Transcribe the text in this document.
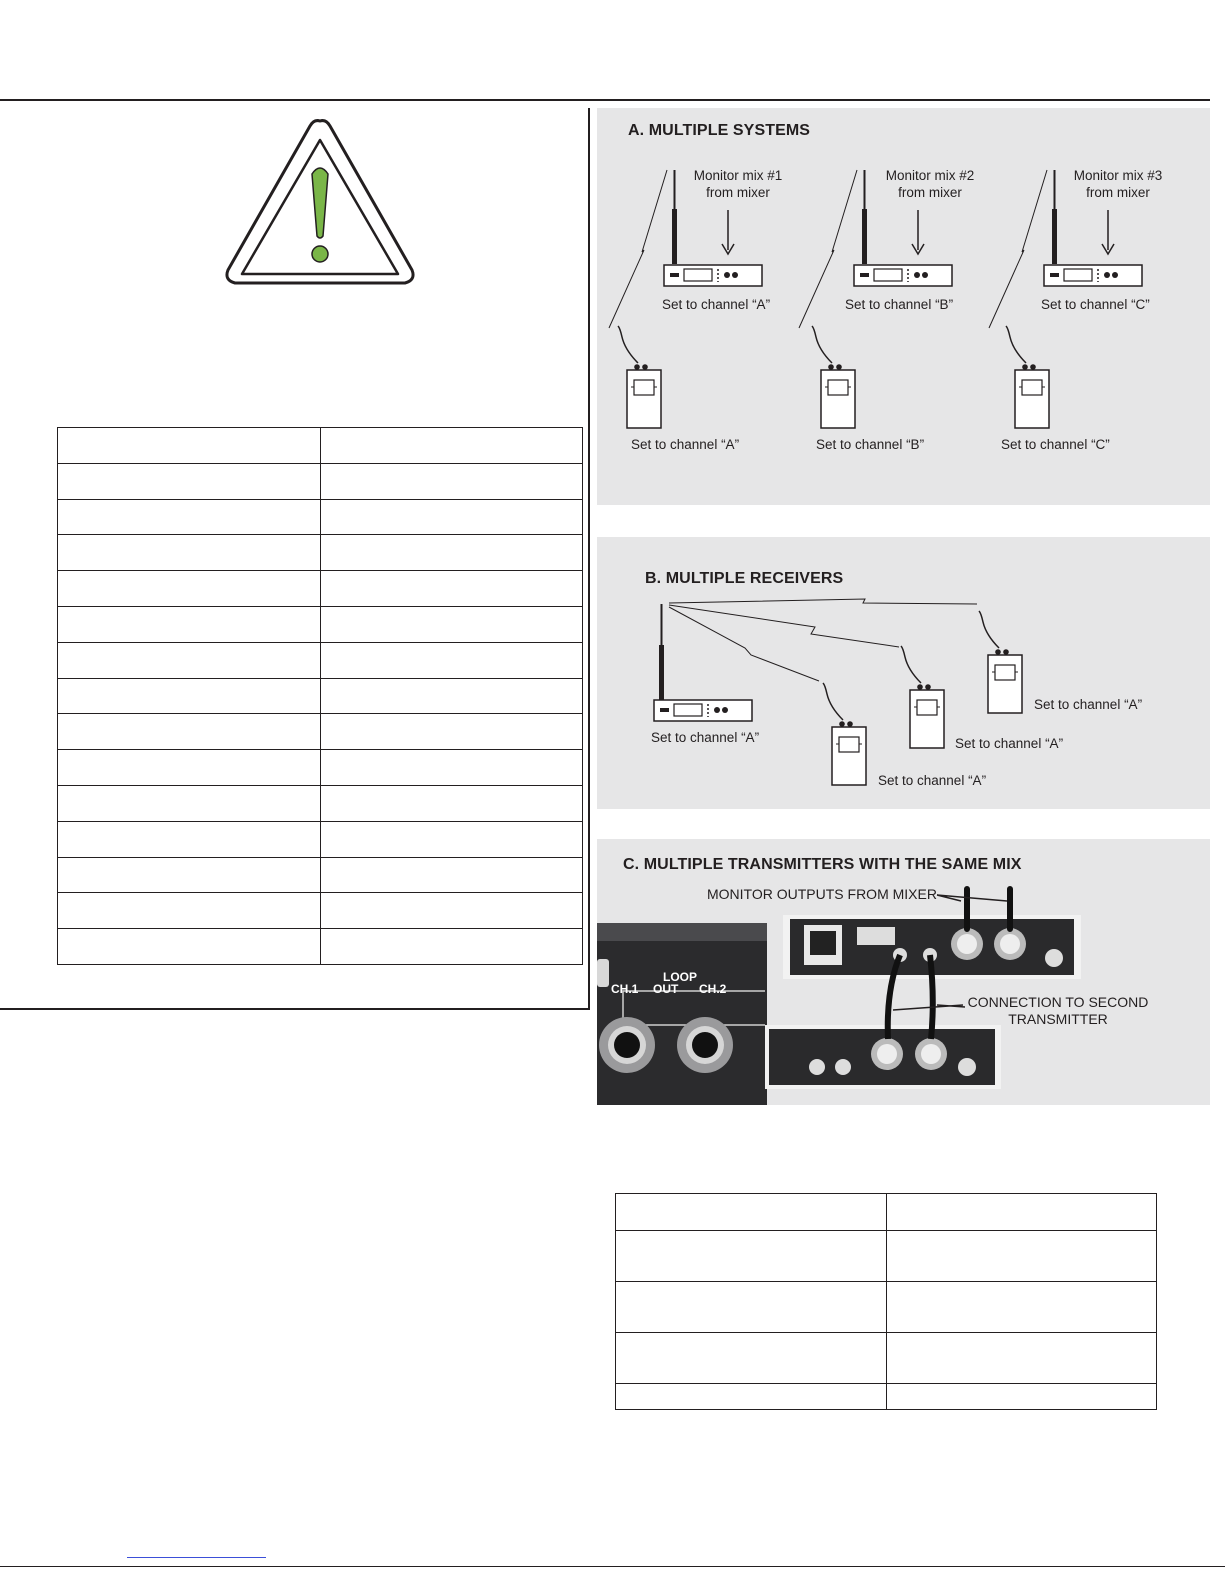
A. MULTIPLE SYSTEMS
Monitor mix #1
from mixer
Monitor mix #2
from mixer
Monitor mix #3
from mixer
Set to channel “A”	Set to channel “B”	Set to channel “C”
Set to channel “A”	Set to channel “B”	Set to channel “C”
B. MULTIPLE RECEIVERS
Set to channel “A”
Set to channel “A”
Set to channel “A”
Set to channel “A”
C. MULTIPLE TRANSMITTERS WITH THE SAME MIX
MONITOR OUTPUTS FROM MIXER
CONNECTION TO SECOND TRANSMITTER
LOOP
OUT
CH.1	CH.2
